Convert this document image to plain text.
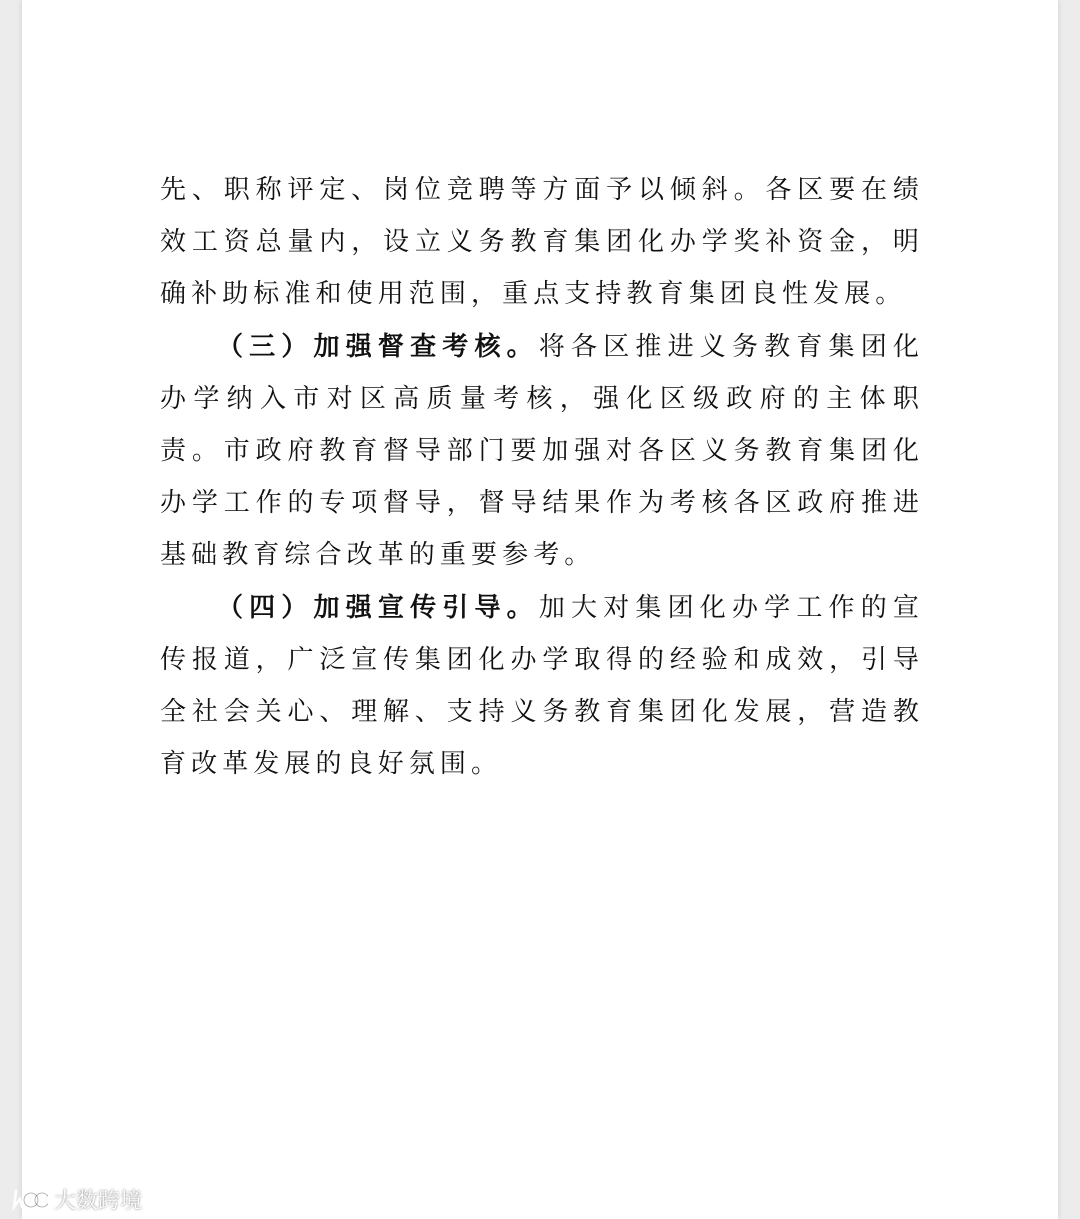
先、职称评定、岗位竞聘等方面予以倾斜。各区要在绩效工资总量内，设立义务教育集团化办学奖补资金，明确补助标准和使用范围，重点支持教育集团良性发展。

（三）加强督查考核。将各区推进义务教育集团化办学纳入市对区高质量考核，强化区级政府的主体职责。市政府教育督导部门要加强对各区义务教育集团化办学工作的专项督导，督导结果作为考核各区政府推进基础教育综合改革的重要参考。

（四）加强宣传引导。加大对集团化办学工作的宣传报道，广泛宣传集团化办学取得的经验和成效，引导全社会关心、理解、支持义务教育集团化发展，营造教育改革发展的良好氛围。

大数跨境
